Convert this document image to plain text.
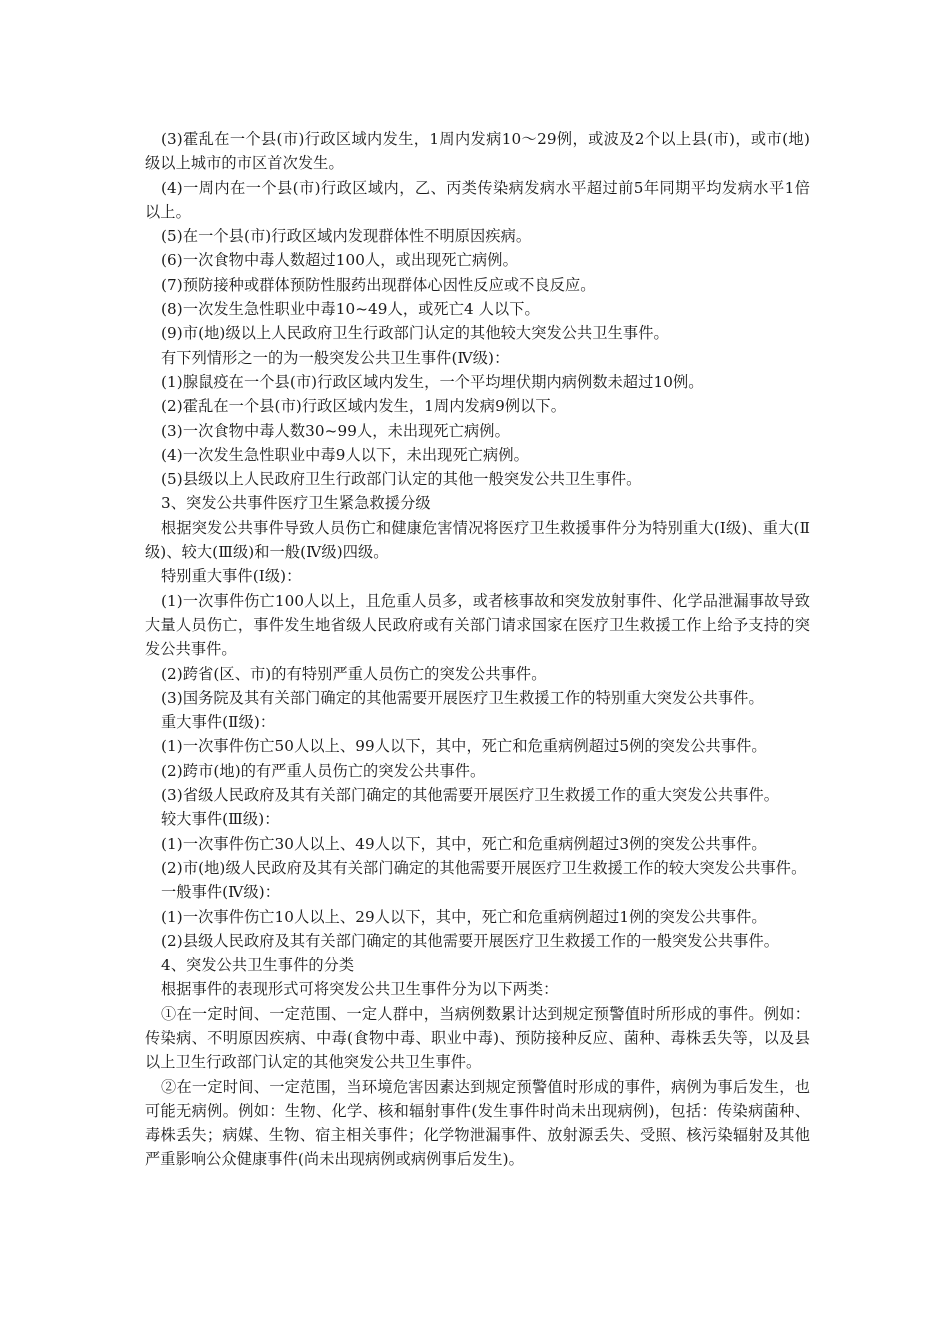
(3)霍乱在一个县(市)行政区域内发生，1周内发病10～29例，或波及2个以上县(市)，或市(地)级以上城市的市区首次发生。

(4)一周内在一个县(市)行政区域内，乙、丙类传染病发病水平超过前5年同期平均发病水平1倍以上。

(5)在一个县(市)行政区域内发现群体性不明原因疾病。

(6)一次食物中毒人数超过100人，或出现死亡病例。

(7)预防接种或群体预防性服药出现群体心因性反应或不良反应。

(8)一次发生急性职业中毒10~49人，或死亡4 人以下。

(9)市(地)级以上人民政府卫生行政部门认定的其他较大突发公共卫生事件。

有下列情形之一的为一般突发公共卫生事件(Ⅳ级)：

(1)腺鼠疫在一个县(市)行政区域内发生，一个平均埋伏期内病例数未超过10例。

(2)霍乱在一个县(市)行政区域内发生，1周内发病9例以下。

(3)一次食物中毒人数30~99人，未出现死亡病例。

(4)一次发生急性职业中毒9人以下，未出现死亡病例。

(5)县级以上人民政府卫生行政部门认定的其他一般突发公共卫生事件。

3、突发公共事件医疗卫生紧急救援分级

根据突发公共事件导致人员伤亡和健康危害情况将医疗卫生救援事件分为特别重大(Ⅰ级)、重大(Ⅱ级)、较大(Ⅲ级)和一般(Ⅳ级)四级。

特别重大事件(Ⅰ级)：

(1)一次事件伤亡100人以上，且危重人员多，或者核事故和突发放射事件、化学品泄漏事故导致大量人员伤亡，事件发生地省级人民政府或有关部门请求国家在医疗卫生救援工作上给予支持的突发公共事件。

(2)跨省(区、市)的有特别严重人员伤亡的突发公共事件。

(3)国务院及其有关部门确定的其他需要开展医疗卫生救援工作的特别重大突发公共事件。

重大事件(Ⅱ级)：

(1)一次事件伤亡50人以上、99人以下，其中，死亡和危重病例超过5例的突发公共事件。

(2)跨市(地)的有严重人员伤亡的突发公共事件。

(3)省级人民政府及其有关部门确定的其他需要开展医疗卫生救援工作的重大突发公共事件。

较大事件(Ⅲ级)：

(1)一次事件伤亡30人以上、49人以下，其中，死亡和危重病例超过3例的突发公共事件。

(2)市(地)级人民政府及其有关部门确定的其他需要开展医疗卫生救援工作的较大突发公共事件。

一般事件(Ⅳ级)：

(1)一次事件伤亡10人以上、29人以下，其中，死亡和危重病例超过1例的突发公共事件。

(2)县级人民政府及其有关部门确定的其他需要开展医疗卫生救援工作的一般突发公共事件。

4、突发公共卫生事件的分类

根据事件的表现形式可将突发公共卫生事件分为以下两类：

①在一定时间、一定范围、一定人群中，当病例数累计达到规定预警值时所形成的事件。例如：传染病、不明原因疾病、中毒(食物中毒、职业中毒)、预防接种反应、菌种、毒株丢失等，以及县以上卫生行政部门认定的其他突发公共卫生事件。

②在一定时间、一定范围，当环境危害因素达到规定预警值时形成的事件，病例为事后发生，也可能无病例。例如：生物、化学、核和辐射事件(发生事件时尚未出现病例)，包括：传染病菌种、毒株丢失；病媒、生物、宿主相关事件；化学物泄漏事件、放射源丢失、受照、核污染辐射及其他严重影响公众健康事件(尚未出现病例或病例事后发生)。
